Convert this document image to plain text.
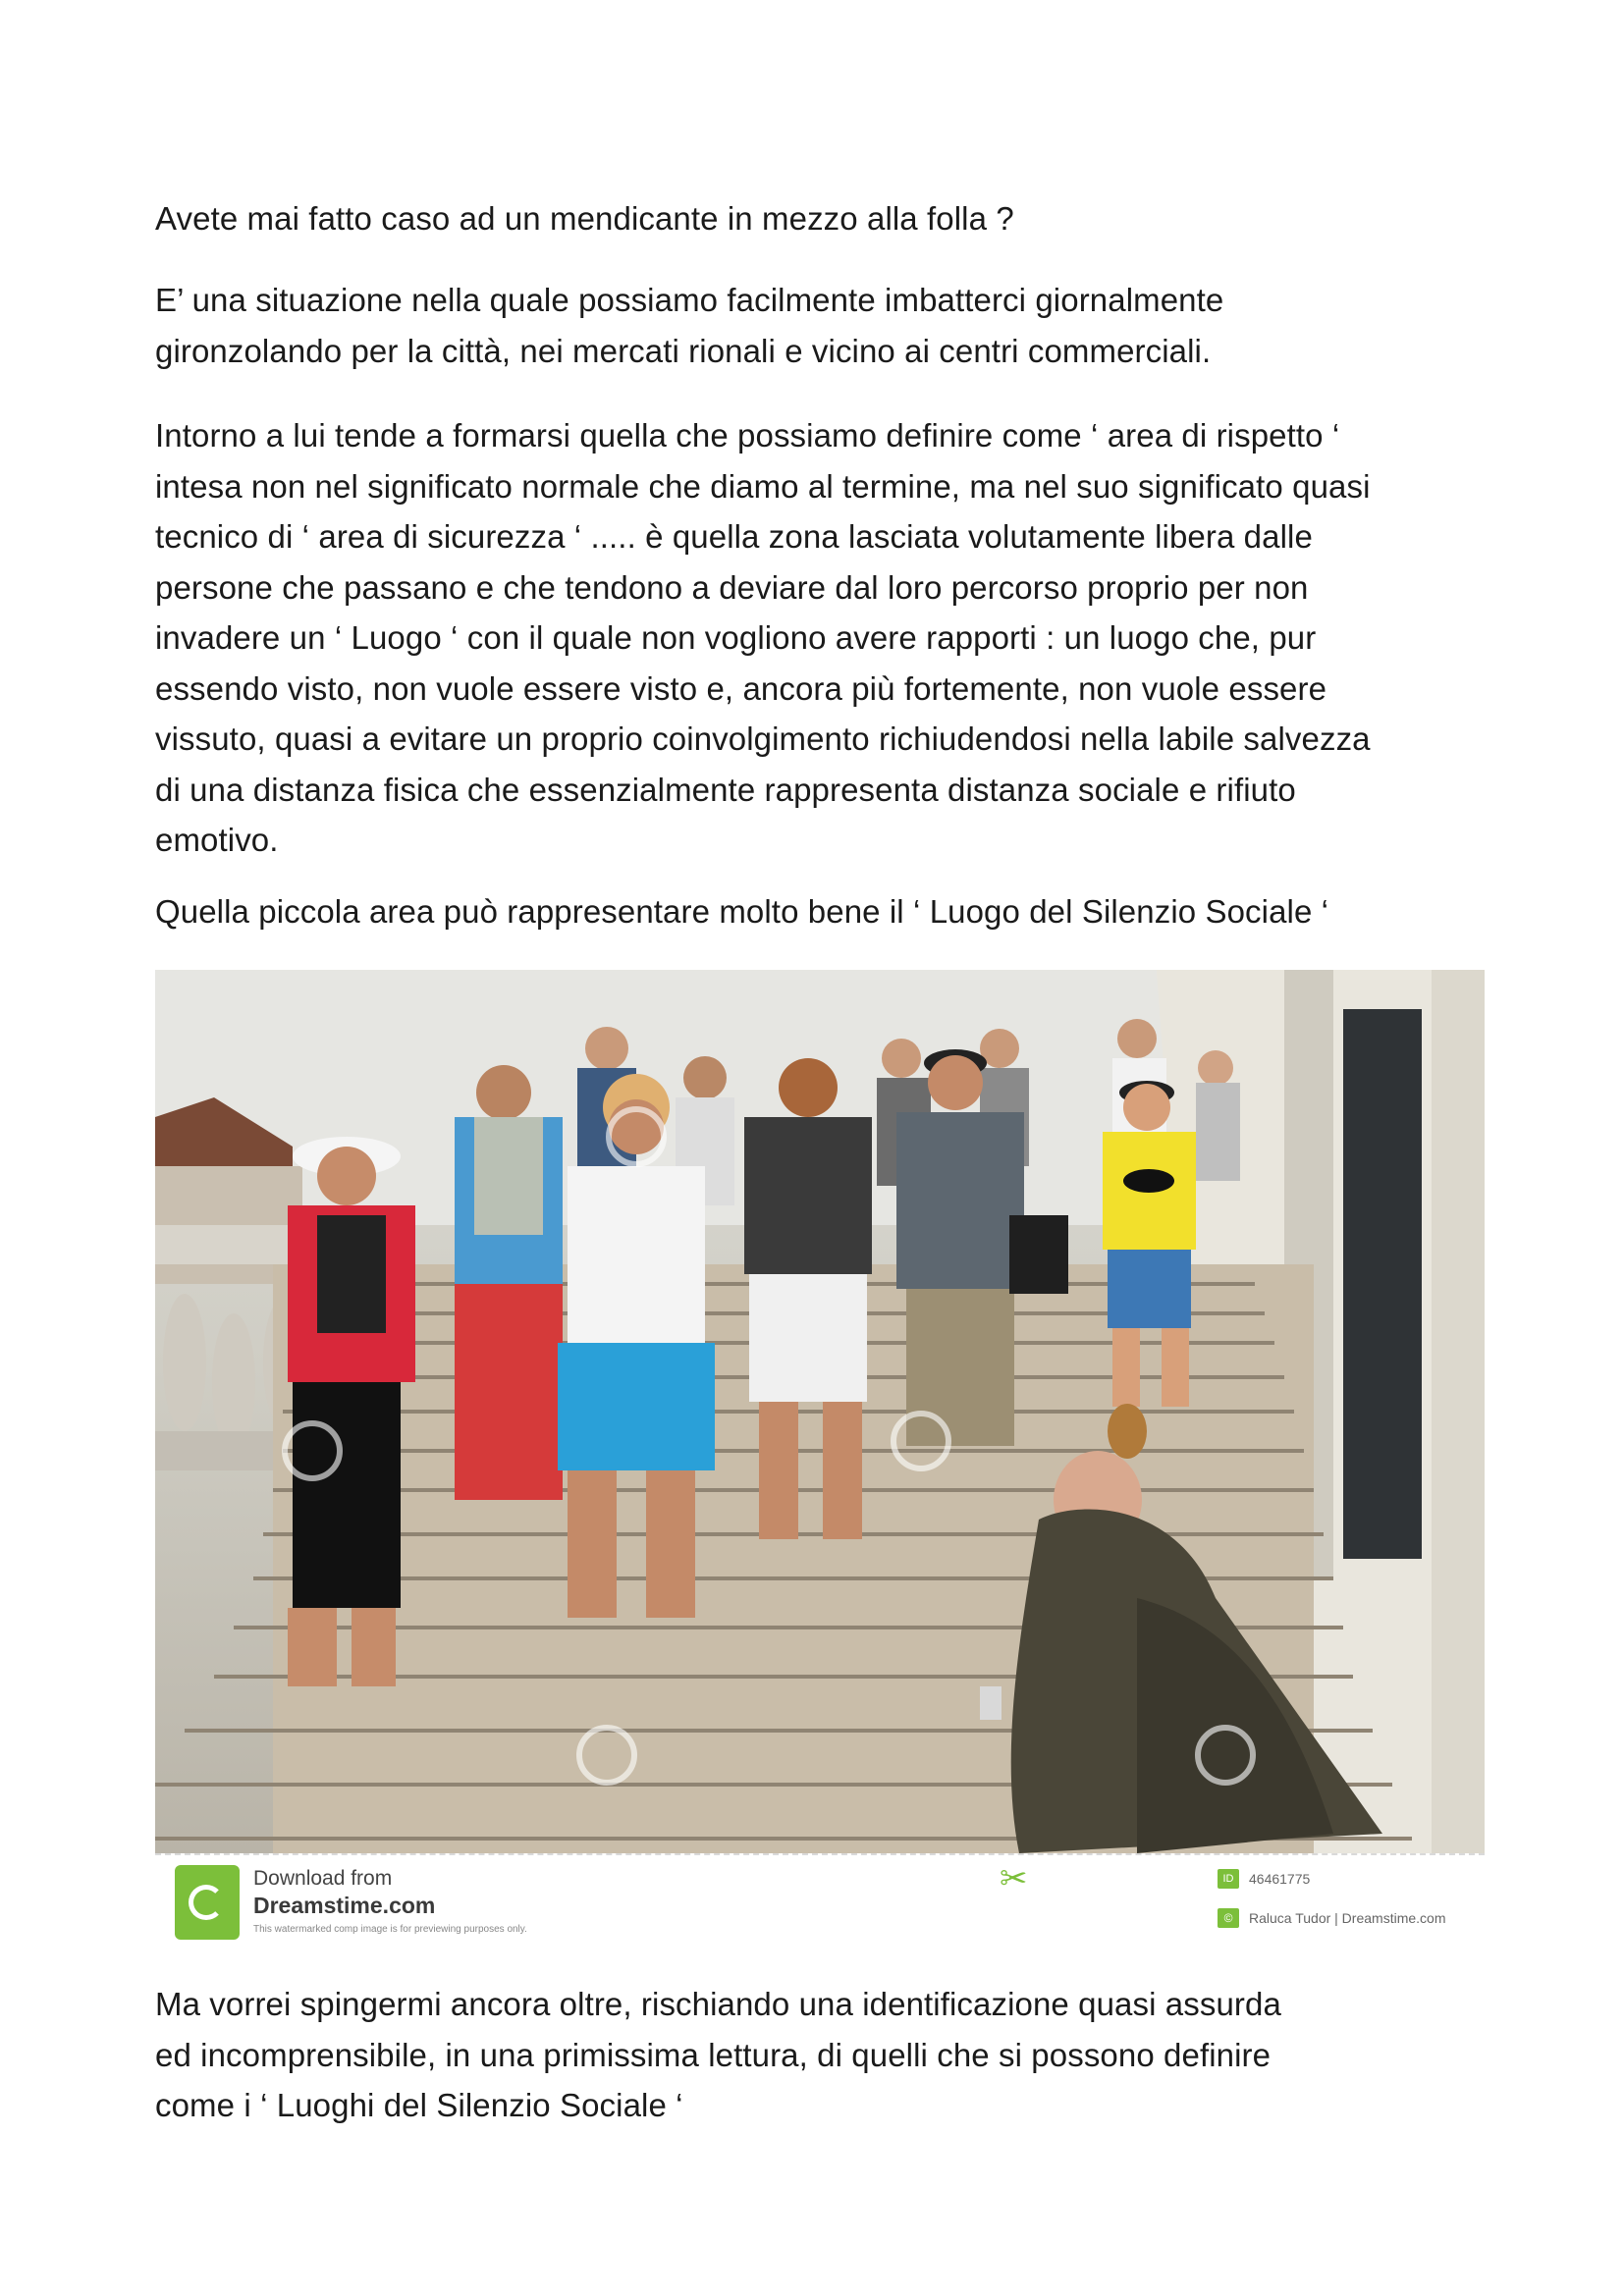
Avete mai fatto caso ad un mendicante in mezzo alla folla ?

E’ una situazione nella quale possiamo facilmente imbatterci giornalmente
gironzolando per la città, nei mercati rionali e vicino ai centri commerciali.

Intorno a lui tende a formarsi quella che possiamo definire come ‘ area di rispetto ‘
intesa non nel significato normale che diamo al termine, ma nel suo significato quasi
tecnico di ‘ area di sicurezza ‘ ..... è quella zona lasciata volutamente libera dalle
persone che passano e che tendono a deviare dal loro percorso proprio per non
invadere un ‘ Luogo ‘ con il quale non vogliono avere rapporti : un luogo che, pur
essendo visto, non vuole essere visto e, ancora più fortemente, non vuole essere
vissuto, quasi a evitare un proprio coinvolgimento richiudendosi nella labile salvezza
di una distanza fisica che essenzialmente rappresenta distanza sociale e rifiuto
emotivo.

Quella piccola area può rappresentare molto bene il ‘ Luogo del Silenzio Sociale ‘

Download from
Dreamstime.com
This watermarked comp image is for previewing purposes only.
✂	ID	46461775
©	Raluca Tudor | Dreamstime.com

Ma vorrei spingermi ancora oltre, rischiando una identificazione quasi assurda
ed incomprensibile, in una primissima lettura, di quelli che si possono definire
come i ‘ Luoghi del Silenzio Sociale ‘
